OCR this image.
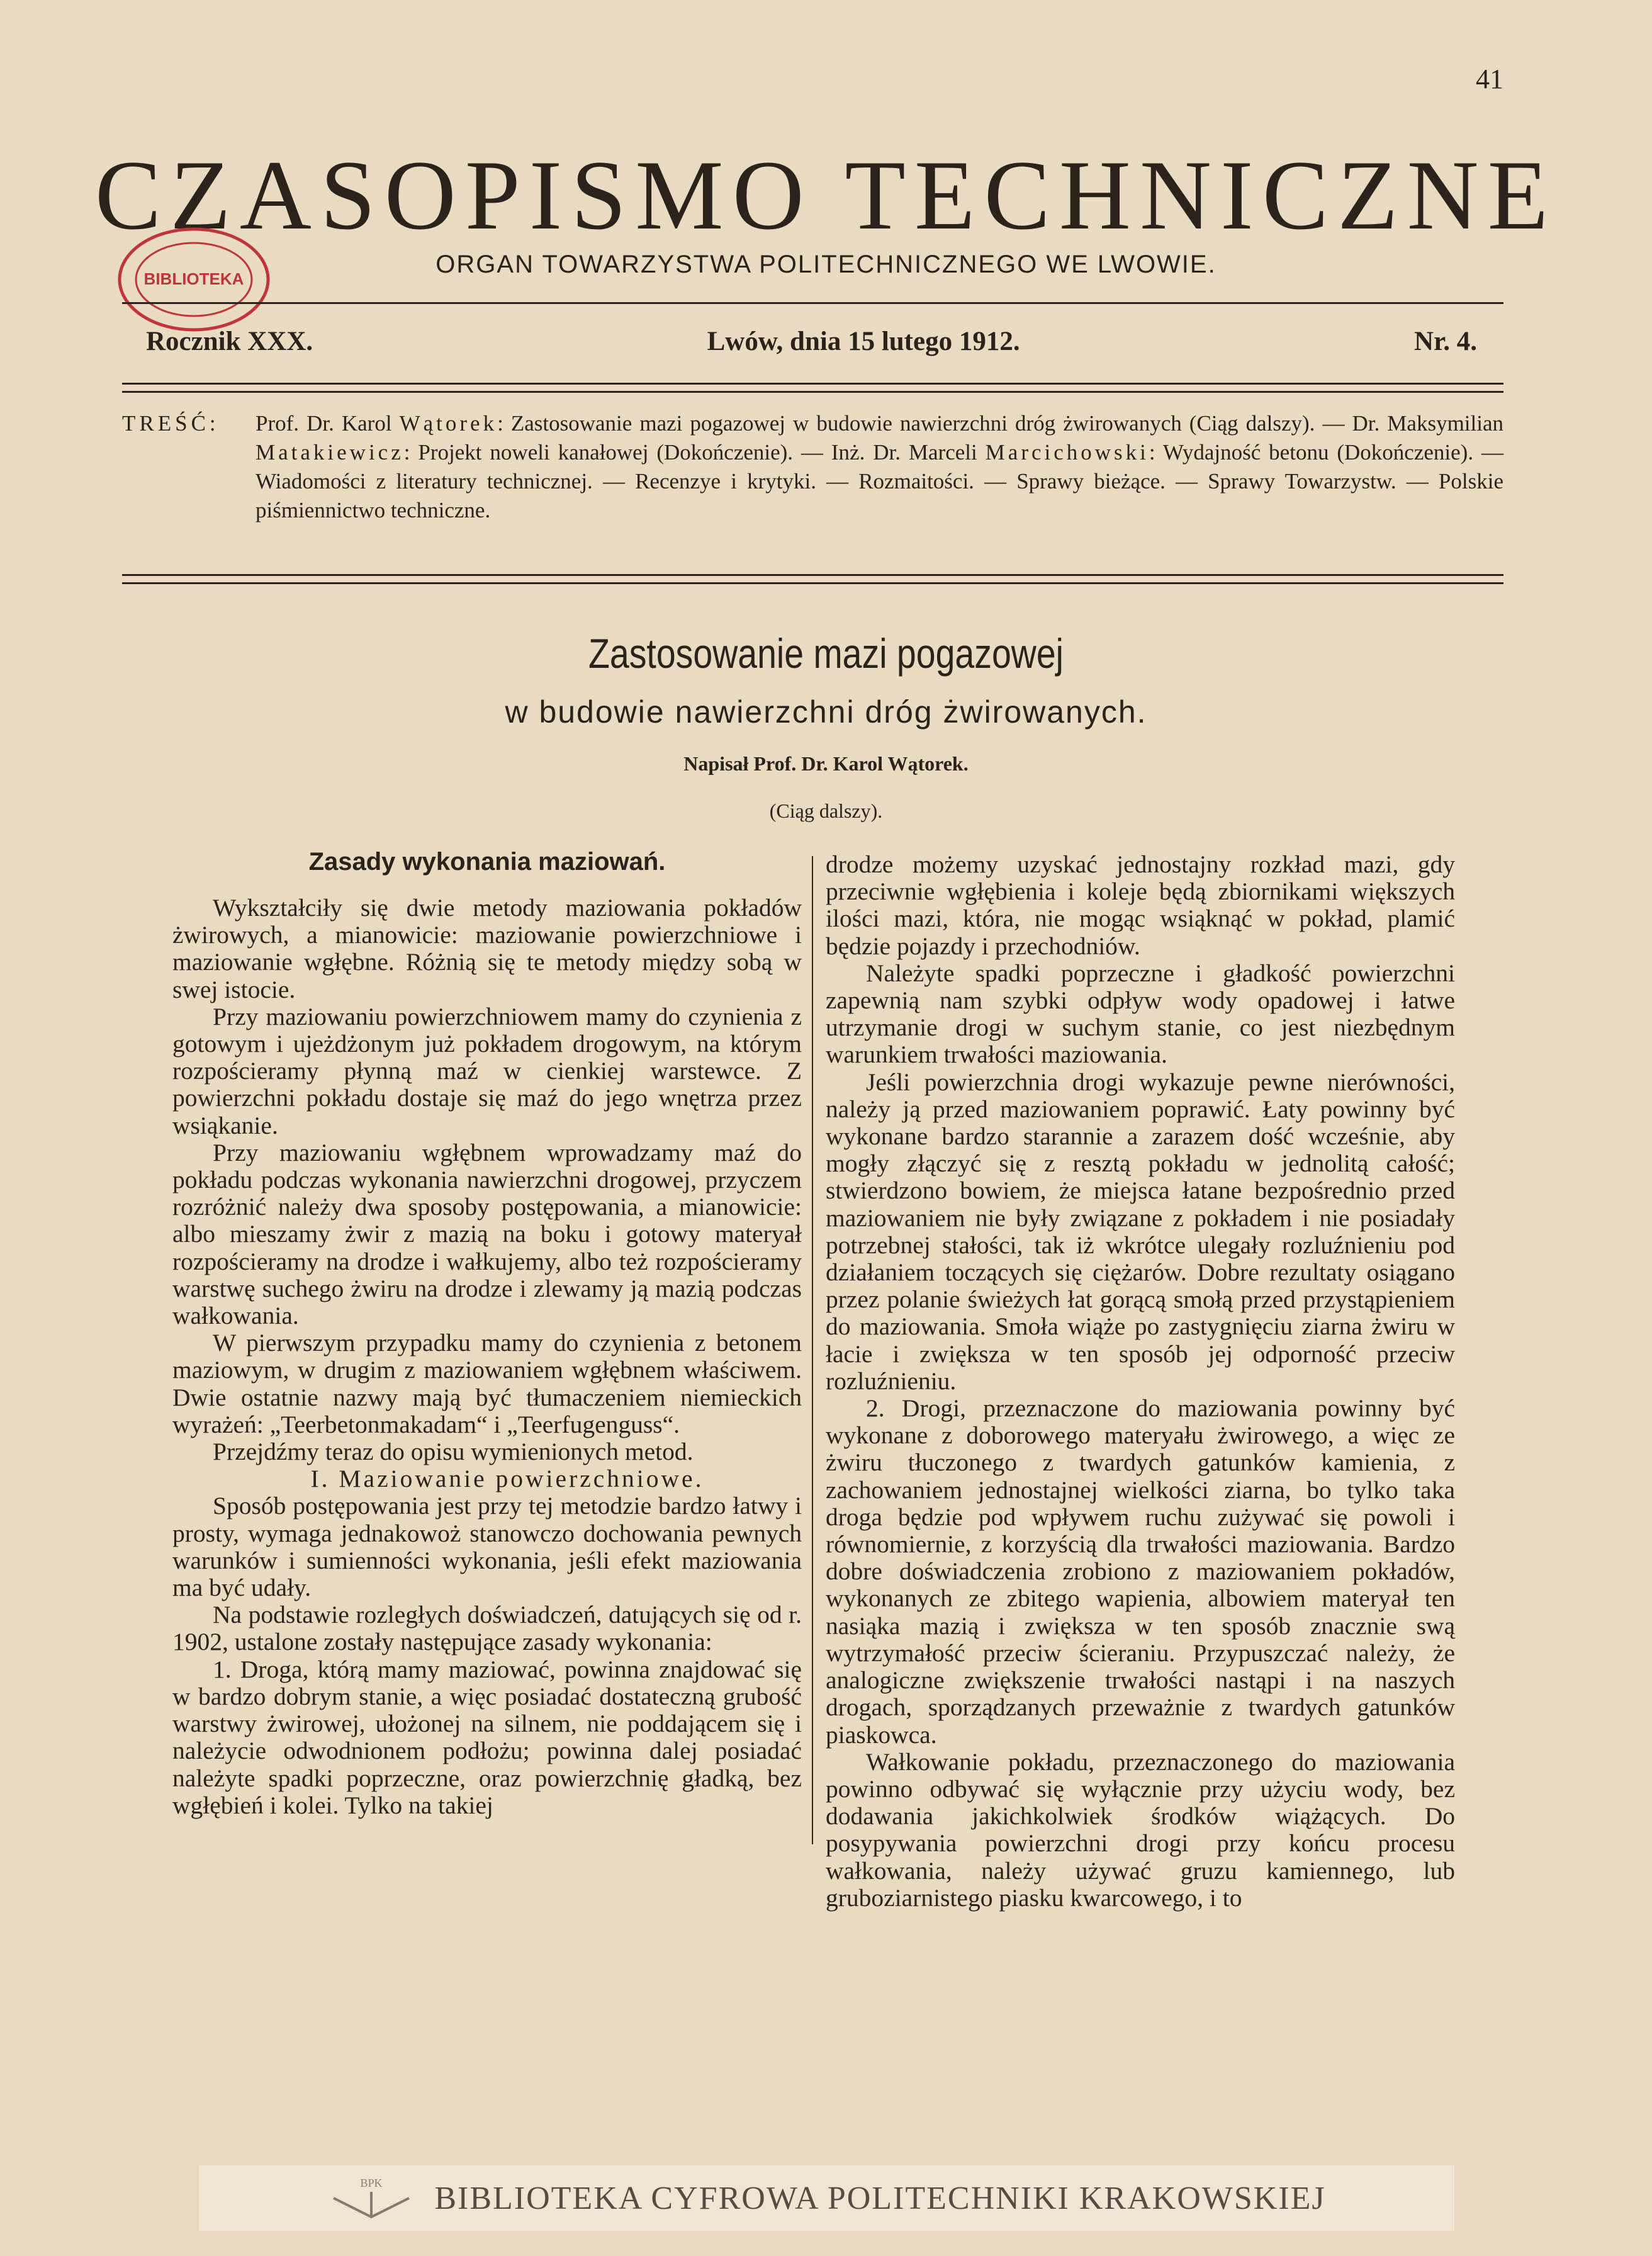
41
CZASOPISMO TECHNICZNE
ORGAN TOWARZYSTWA POLITECHNICZNEGO WE LWOWIE.
BIBLIOTEKA
Rocznik XXX.	Lwów, dnia 15 lutego 1912.	Nr. 4.
TREŚĆ: Prof. Dr. Karol Wątorek: Zastosowanie mazi pogazowej w budowie nawierzchni dróg żwirowanych (Ciąg dalszy). — Dr. Maksymilian Matakiewicz: Projekt noweli kanałowej (Dokończenie). — Inż. Dr. Marceli Marcichowski: Wydajność betonu (Dokończenie). — Wiadomości z literatury technicznej. — Recenzye i krytyki. — Rozmaitości. — Sprawy bieżące. — Sprawy Towarzystw. — Polskie piśmiennictwo techniczne.
Zastosowanie mazi pogazowej
w budowie nawierzchni dróg żwirowanych.
Napisał Prof. Dr. Karol Wątorek.
(Ciąg dalszy).
Zasady wykonania maziowań.

Wykształciły się dwie metody maziowania pokładów żwirowych, a mianowicie: maziowanie powierzchniowe i maziowanie wgłębne. Różnią się te metody między sobą w swej istocie.

Przy maziowaniu powierzchniowem mamy do czynienia z gotowym i ujeżdżonym już pokładem drogowym, na którym rozpościeramy płynną maź w cienkiej warstewce. Z powierzchni pokładu dostaje się maź do jego wnętrza przez wsiąkanie.

Przy maziowaniu wgłębnem wprowadzamy maź do pokładu podczas wykonania nawierzchni drogowej, przyczem rozróżnić należy dwa sposoby postępowania, a mianowicie: albo mieszamy żwir z mazią na boku i gotowy materyał rozpościeramy na drodze i wałkujemy, albo też rozpościeramy warstwę suchego żwiru na drodze i zlewamy ją mazią podczas wałkowania.

W pierwszym przypadku mamy do czynienia z betonem maziowym, w drugim z maziowaniem wgłębnem właściwem. Dwie ostatnie nazwy mają być tłumaczeniem niemieckich wyrażeń: „Teerbetonmakadam“ i „Teerfugenguss“.

Przejdźmy teraz do opisu wymienionych metod.

I. Maziowanie powierzchniowe.

Sposób postępowania jest przy tej metodzie bardzo łatwy i prosty, wymaga jednakowoż stanowczo dochowania pewnych warunków i sumienności wykonania, jeśli efekt maziowania ma być udały.

Na podstawie rozległych doświadczeń, datujących się od r. 1902, ustalone zostały następujące zasady wykonania:

1. Droga, którą mamy maziować, powinna znajdować się w bardzo dobrym stanie, a więc posiadać dostateczną grubość warstwy żwirowej, ułożonej na silnem, nie poddającem się i należycie odwodnionem podłożu; powinna dalej posiadać należyte spadki poprzeczne, oraz powierzchnię gładką, bez wgłębień i kolei. Tylko na takiej

drodze możemy uzyskać jednostajny rozkład mazi, gdy przeciwnie wgłębienia i koleje będą zbiornikami większych ilości mazi, która, nie mogąc wsiąknąć w pokład, plamić będzie pojazdy i przechodniów.

Należyte spadki poprzeczne i gładkość powierzchni zapewnią nam szybki odpływ wody opadowej i łatwe utrzymanie drogi w suchym stanie, co jest niezbędnym warunkiem trwałości maziowania.

Jeśli powierzchnia drogi wykazuje pewne nierówności, należy ją przed maziowaniem poprawić. Łaty powinny być wykonane bardzo starannie a zarazem dość wcześnie, aby mogły złączyć się z resztą pokładu w jednolitą całość; stwierdzono bowiem, że miejsca łatane bezpośrednio przed maziowaniem nie były związane z pokładem i nie posiadały potrzebnej stałości, tak iż wkrótce ulegały rozluźnieniu pod działaniem toczących się ciężarów. Dobre rezultaty osiągano przez polanie świeżych łat gorącą smołą przed przystąpieniem do maziowania. Smoła wiąże po zastygnięciu ziarna żwiru w łacie i zwiększa w ten sposób jej odporność przeciw rozluźnieniu.

2. Drogi, przeznaczone do maziowania powinny być wykonane z doborowego materyału żwirowego, a więc ze żwiru tłuczonego z twardych gatunków kamienia, z zachowaniem jednostajnej wielkości ziarna, bo tylko taka droga będzie pod wpływem ruchu zużywać się powoli i równomiernie, z korzyścią dla trwałości maziowania. Bardzo dobre doświadczenia zrobiono z maziowaniem pokładów, wykonanych ze zbitego wapienia, albowiem materyał ten nasiąka mazią i zwiększa w ten sposób znacznie swą wytrzymałość przeciw ścieraniu. Przypuszczać należy, że analogiczne zwiększenie trwałości nastąpi i na naszych drogach, sporządzanych przeważnie z twardych gatunków piaskowca.

Wałkowanie pokładu, przeznaczonego do maziowania powinno odbywać się wyłącznie przy użyciu wody, bez dodawania jakichkolwiek środków wiążących. Do posypywania powierzchni drogi przy końcu procesu wałkowania, należy używać gruzu kamiennego, lub gruboziarnistego piasku kwarcowego, i to

BPK BIBLIOTEKA CYFROWA POLITECHNIKI KRAKOWSKIEJ
